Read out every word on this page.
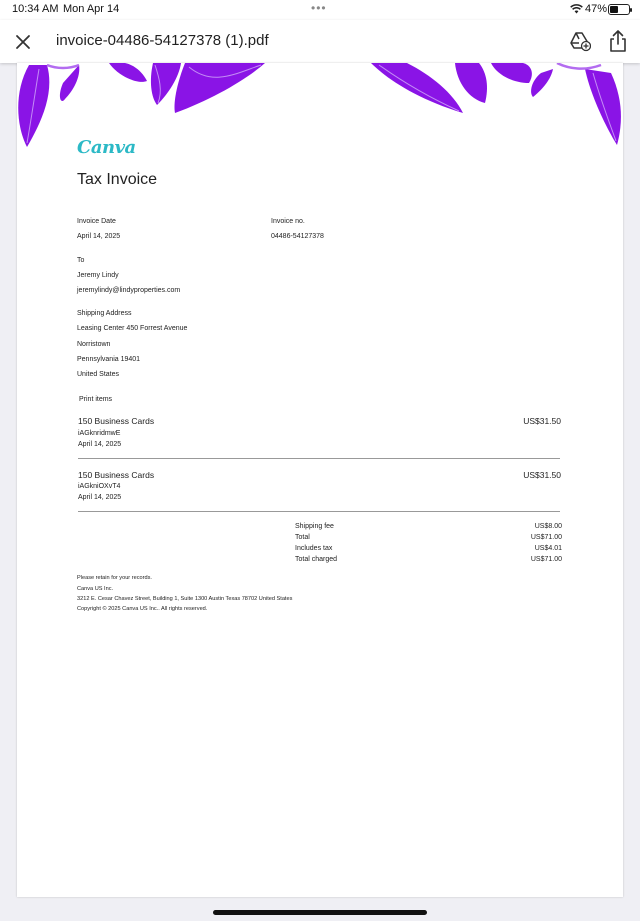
10:34 AM Mon Apr 14	•••	47%
invoice-04486-54127378 (1).pdf
Canva
Tax Invoice
Invoice Date
April 14, 2025
Invoice no.
04486-54127378
To
Jeremy Lindy
jeremylindy@lindyproperties.com
Shipping Address
Leasing Center 450 Forrest Avenue
Norristown
Pennsylvania 19401
United States
Print items
150 Business Cards	US$31.50
iAGknridmwE
April 14, 2025
150 Business Cards	US$31.50
iAGkniOXvT4
April 14, 2025
Shipping fee	US$8.00
Total	US$71.00
Includes tax	US$4.01
Total charged	US$71.00
Please retain for your records.
Canva US Inc.
3212 E. Cesar Chavez Street, Building 1, Suite 1300 Austin Texas 78702 United States
Copyright © 2025 Canva US Inc.. All rights reserved.
